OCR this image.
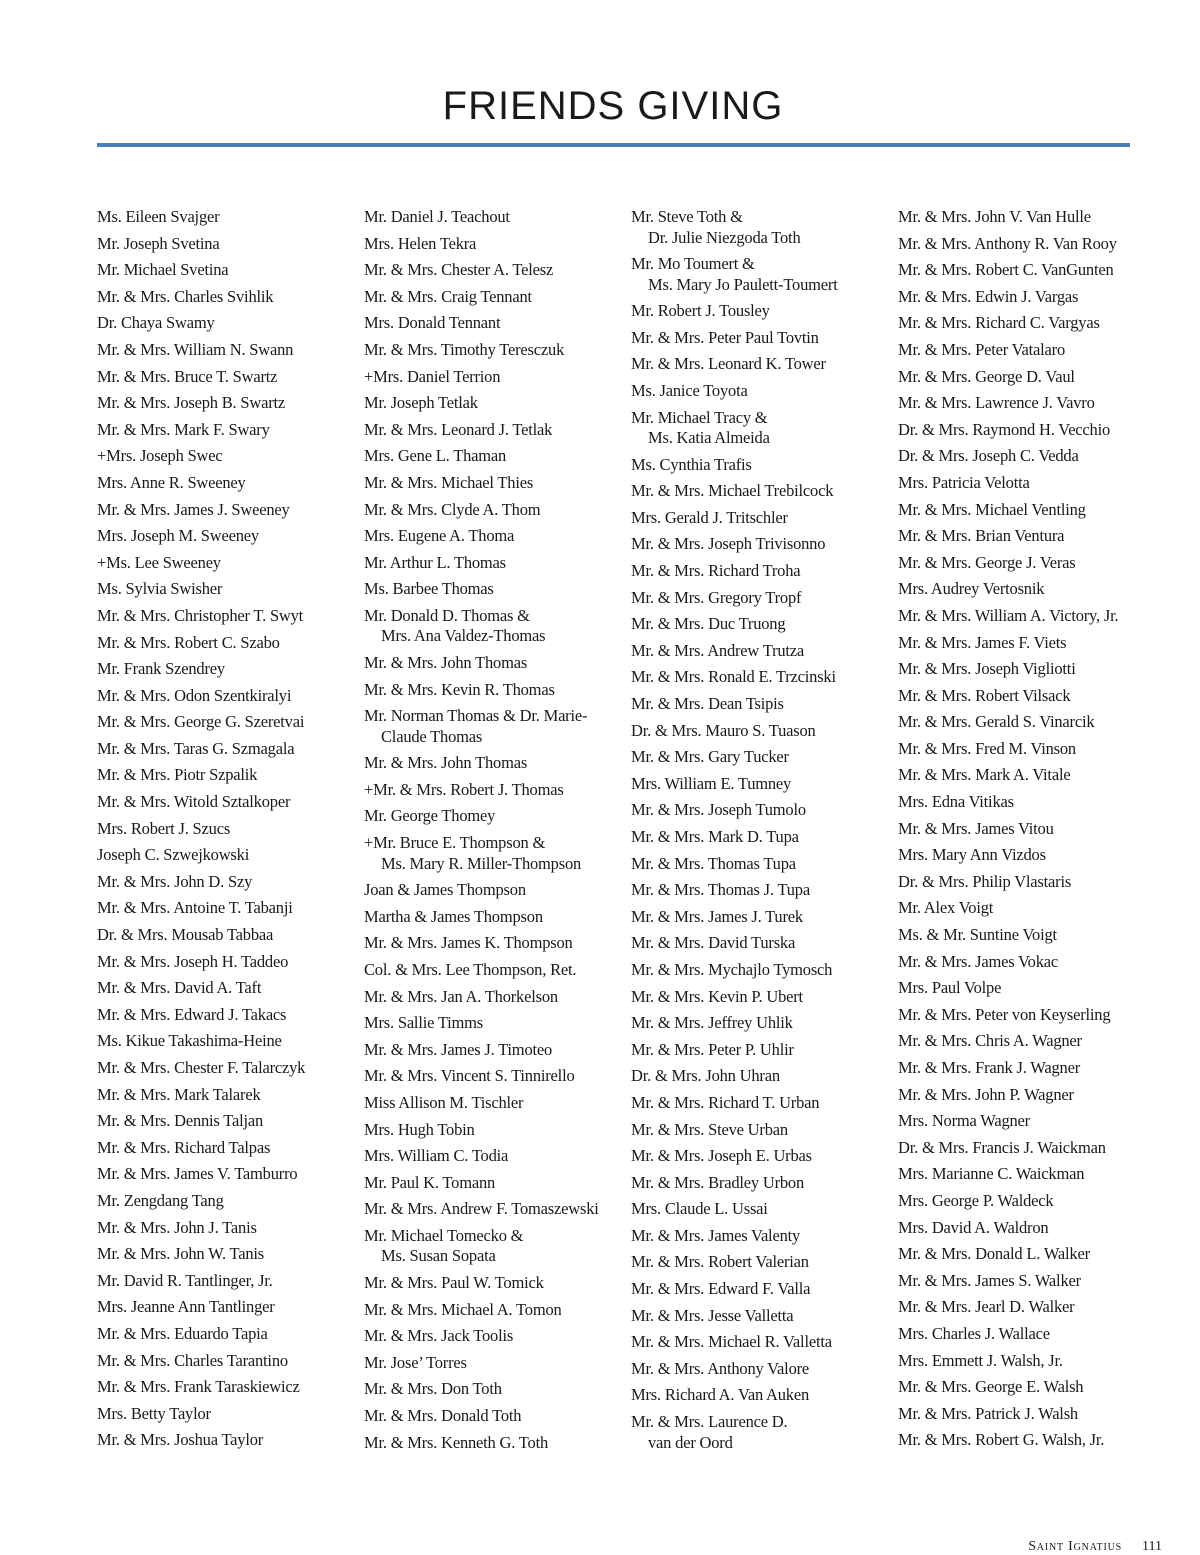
FRIENDS GIVING
Ms. Eileen Svajger
Mr. Joseph Svetina
Mr. Michael Svetina
Mr. & Mrs. Charles Svihlik
Dr. Chaya Swamy
Mr. & Mrs. William N. Swann
Mr. & Mrs. Bruce T. Swartz
Mr. & Mrs. Joseph B. Swartz
Mr. & Mrs. Mark F. Swary
+Mrs. Joseph Swec
Mrs. Anne R. Sweeney
Mr. & Mrs. James J. Sweeney
Mrs. Joseph M. Sweeney
+Ms. Lee Sweeney
Ms. Sylvia Swisher
Mr. & Mrs. Christopher T. Swyt
Mr. & Mrs. Robert C. Szabo
Mr. Frank Szendrey
Mr. & Mrs. Odon Szentkiralyi
Mr. & Mrs. George G. Szeretvai
Mr. & Mrs. Taras G. Szmagala
Mr. & Mrs. Piotr Szpalik
Mr. & Mrs. Witold Sztalkoper
Mrs. Robert J. Szucs
Joseph C. Szwejkowski
Mr. & Mrs. John D. Szy
Mr. & Mrs. Antoine T. Tabanji
Dr. & Mrs. Mousab Tabbaa
Mr. & Mrs. Joseph H. Taddeo
Mr. & Mrs. David A. Taft
Mr. & Mrs. Edward J. Takacs
Ms. Kikue Takashima-Heine
Mr. & Mrs. Chester F. Talarczyk
Mr. & Mrs. Mark Talarek
Mr. & Mrs. Dennis Taljan
Mr. & Mrs. Richard Talpas
Mr. & Mrs. James V. Tamburro
Mr. Zengdang Tang
Mr. & Mrs. John J. Tanis
Mr. & Mrs. John W. Tanis
Mr. David R. Tantlinger, Jr.
Mrs. Jeanne Ann Tantlinger
Mr. & Mrs. Eduardo Tapia
Mr. & Mrs. Charles Tarantino
Mr. & Mrs. Frank Taraskiewicz
Mrs. Betty Taylor
Mr. & Mrs. Joshua Taylor
Mr. Daniel J. Teachout
Mrs. Helen Tekra
Mr. & Mrs. Chester A. Telesz
Mr. & Mrs. Craig Tennant
Mrs. Donald Tennant
Mr. & Mrs. Timothy Teresczuk
+Mrs. Daniel Terrion
Mr. Joseph Tetlak
Mr. & Mrs. Leonard J. Tetlak
Mrs. Gene L. Thaman
Mr. & Mrs. Michael Thies
Mr. & Mrs. Clyde A. Thom
Mrs. Eugene A. Thoma
Mr. Arthur L. Thomas
Ms. Barbee Thomas
Mr. Donald D. Thomas &
Mrs. Ana Valdez-Thomas
Mr. & Mrs. John Thomas
Mr. & Mrs. Kevin R. Thomas
Mr. Norman Thomas & Dr. Marie-
Claude Thomas
Mr. & Mrs. John Thomas
+Mr. & Mrs. Robert J. Thomas
Mr. George Thomey
+Mr. Bruce E. Thompson &
Ms. Mary R. Miller-Thompson
Joan & James Thompson
Martha & James Thompson
Mr. & Mrs. James K. Thompson
Col. & Mrs. Lee Thompson, Ret.
Mr. & Mrs. Jan A. Thorkelson
Mrs. Sallie Timms
Mr. & Mrs. James J. Timoteo
Mr. & Mrs. Vincent S. Tinnirello
Miss Allison M. Tischler
Mrs. Hugh Tobin
Mrs. William C. Todia
Mr. Paul K. Tomann
Mr. & Mrs. Andrew F. Tomaszewski
Mr. Michael Tomecko &
Ms. Susan Sopata
Mr. & Mrs. Paul W. Tomick
Mr. & Mrs. Michael A. Tomon
Mr. & Mrs. Jack Toolis
Mr. Jose’ Torres
Mr. & Mrs. Don Toth
Mr. & Mrs. Donald Toth
Mr. & Mrs. Kenneth G. Toth
Mr. Steve Toth &
Dr. Julie Niezgoda Toth
Mr. Mo Toumert &
Ms. Mary Jo Paulett-Toumert
Mr. Robert J. Tousley
Mr. & Mrs. Peter Paul Tovtin
Mr. & Mrs. Leonard K. Tower
Ms. Janice Toyota
Mr. Michael Tracy &
Ms. Katia Almeida
Ms. Cynthia Trafis
Mr. & Mrs. Michael Trebilcock
Mrs. Gerald J. Tritschler
Mr. & Mrs. Joseph Trivisonno
Mr. & Mrs. Richard Troha
Mr. & Mrs. Gregory Tropf
Mr. & Mrs. Duc Truong
Mr. & Mrs. Andrew Trutza
Mr. & Mrs. Ronald E. Trzcinski
Mr. & Mrs. Dean Tsipis
Dr. & Mrs. Mauro S. Tuason
Mr. & Mrs. Gary Tucker
Mrs. William E. Tumney
Mr. & Mrs. Joseph Tumolo
Mr. & Mrs. Mark D. Tupa
Mr. & Mrs. Thomas Tupa
Mr. & Mrs. Thomas J. Tupa
Mr. & Mrs. James J. Turek
Mr. & Mrs. David Turska
Mr. & Mrs. Mychajlo Tymosch
Mr. & Mrs. Kevin P. Ubert
Mr. & Mrs. Jeffrey Uhlik
Mr. & Mrs. Peter P. Uhlir
Dr. & Mrs. John Uhran
Mr. & Mrs. Richard T. Urban
Mr. & Mrs. Steve Urban
Mr. & Mrs. Joseph E. Urbas
Mr. & Mrs. Bradley Urbon
Mrs. Claude L. Ussai
Mr. & Mrs. James Valenty
Mr. & Mrs. Robert Valerian
Mr. & Mrs. Edward F. Valla
Mr. & Mrs. Jesse Valletta
Mr. & Mrs. Michael R. Valletta
Mr. & Mrs. Anthony Valore
Mrs. Richard A. Van Auken
Mr. & Mrs. Laurence D.
van der Oord
Mr. & Mrs. John V. Van Hulle
Mr. & Mrs. Anthony R. Van Rooy
Mr. & Mrs. Robert C. VanGunten
Mr. & Mrs. Edwin J. Vargas
Mr. & Mrs. Richard C. Vargyas
Mr. & Mrs. Peter Vatalaro
Mr. & Mrs. George D. Vaul
Mr. & Mrs. Lawrence J. Vavro
Dr. & Mrs. Raymond H. Vecchio
Dr. & Mrs. Joseph C. Vedda
Mrs. Patricia Velotta
Mr. & Mrs. Michael Ventling
Mr. & Mrs. Brian Ventura
Mr. & Mrs. George J. Veras
Mrs. Audrey Vertosnik
Mr. & Mrs. William A. Victory, Jr.
Mr. & Mrs. James F. Viets
Mr. & Mrs. Joseph Vigliotti
Mr. & Mrs. Robert Vilsack
Mr. & Mrs. Gerald S. Vinarcik
Mr. & Mrs. Fred M. Vinson
Mr. & Mrs. Mark A. Vitale
Mrs. Edna Vitikas
Mr. & Mrs. James Vitou
Mrs. Mary Ann Vizdos
Dr. & Mrs. Philip Vlastaris
Mr. Alex Voigt
Ms. & Mr. Suntine Voigt
Mr. & Mrs. James Vokac
Mrs. Paul Volpe
Mr. & Mrs. Peter von Keyserling
Mr. & Mrs. Chris A. Wagner
Mr. & Mrs. Frank J. Wagner
Mr. & Mrs. John P. Wagner
Mrs. Norma Wagner
Dr. & Mrs. Francis J. Waickman
Mrs. Marianne C. Waickman
Mrs. George P. Waldeck
Mrs. David A. Waldron
Mr. & Mrs. Donald L. Walker
Mr. & Mrs. James S. Walker
Mr. & Mrs. Jearl D. Walker
Mrs. Charles J. Wallace
Mrs. Emmett J. Walsh, Jr.
Mr. & Mrs. George E. Walsh
Mr. & Mrs. Patrick J. Walsh
Mr. & Mrs. Robert G. Walsh, Jr.
Saint Ignatius 111
